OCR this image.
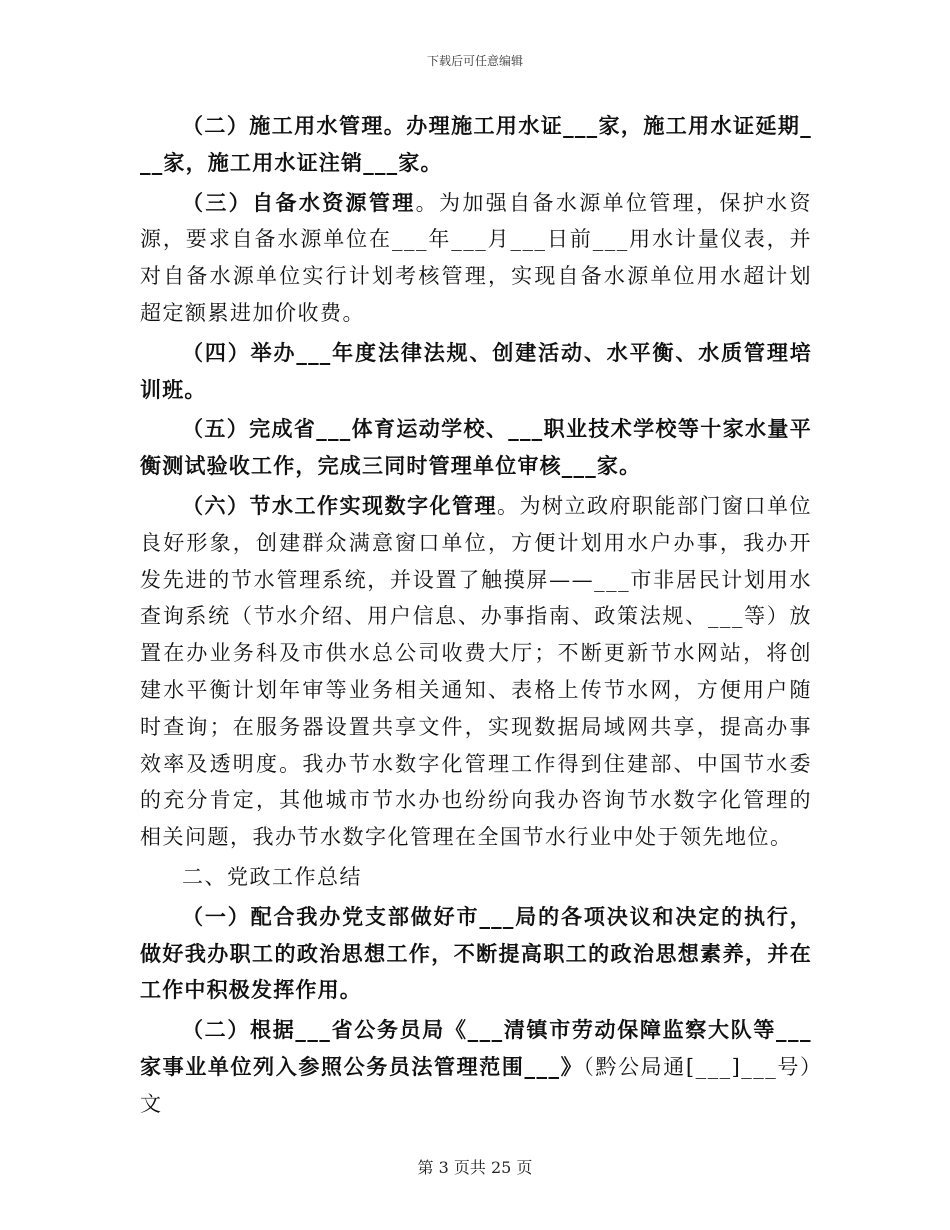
下载后可任意编辑

（二）施工用水管理。办理施工用水证___家，施工用水证延期___家，施工用水证注销___家。

（三）自备水资源管理。为加强自备水源单位管理，保护水资源，要求自备水源单位在___年___月___日前___用水计量仪表，并对自备水源单位实行计划考核管理，实现自备水源单位用水超计划超定额累进加价收费。

（四）举办___年度法律法规、创建活动、水平衡、水质管理培训班。

（五）完成省___体育运动学校、___职业技术学校等十家水量平衡测试验收工作，完成三同时管理单位审核___家。

（六）节水工作实现数字化管理。为树立政府职能部门窗口单位良好形象，创建群众满意窗口单位，方便计划用水户办事，我办开发先进的节水管理系统，并设置了触摸屏——___市非居民计划用水查询系统（节水介绍、用户信息、办事指南、政策法规、___等）放置在办业务科及市供水总公司收费大厅；不断更新节水网站，将创建水平衡计划年审等业务相关通知、表格上传节水网，方便用户随时查询；在服务器设置共享文件，实现数据局域网共享，提高办事效率及透明度。我办节水数字化管理工作得到住建部、中国节水委的充分肯定，其他城市节水办也纷纷向我办咨询节水数字化管理的相关问题，我办节水数字化管理在全国节水行业中处于领先地位。

二、党政工作总结

（一）配合我办党支部做好市___局的各项决议和决定的执行，做好我办职工的政治思想工作，不断提高职工的政治思想素养，并在工作中积极发挥作用。

（二）根据___省公务员局《___清镇市劳动保障监察大队等___家事业单位列入参照公务员法管理范围___》（黔公局通[___]___号）文

第 3 页共 25 页
